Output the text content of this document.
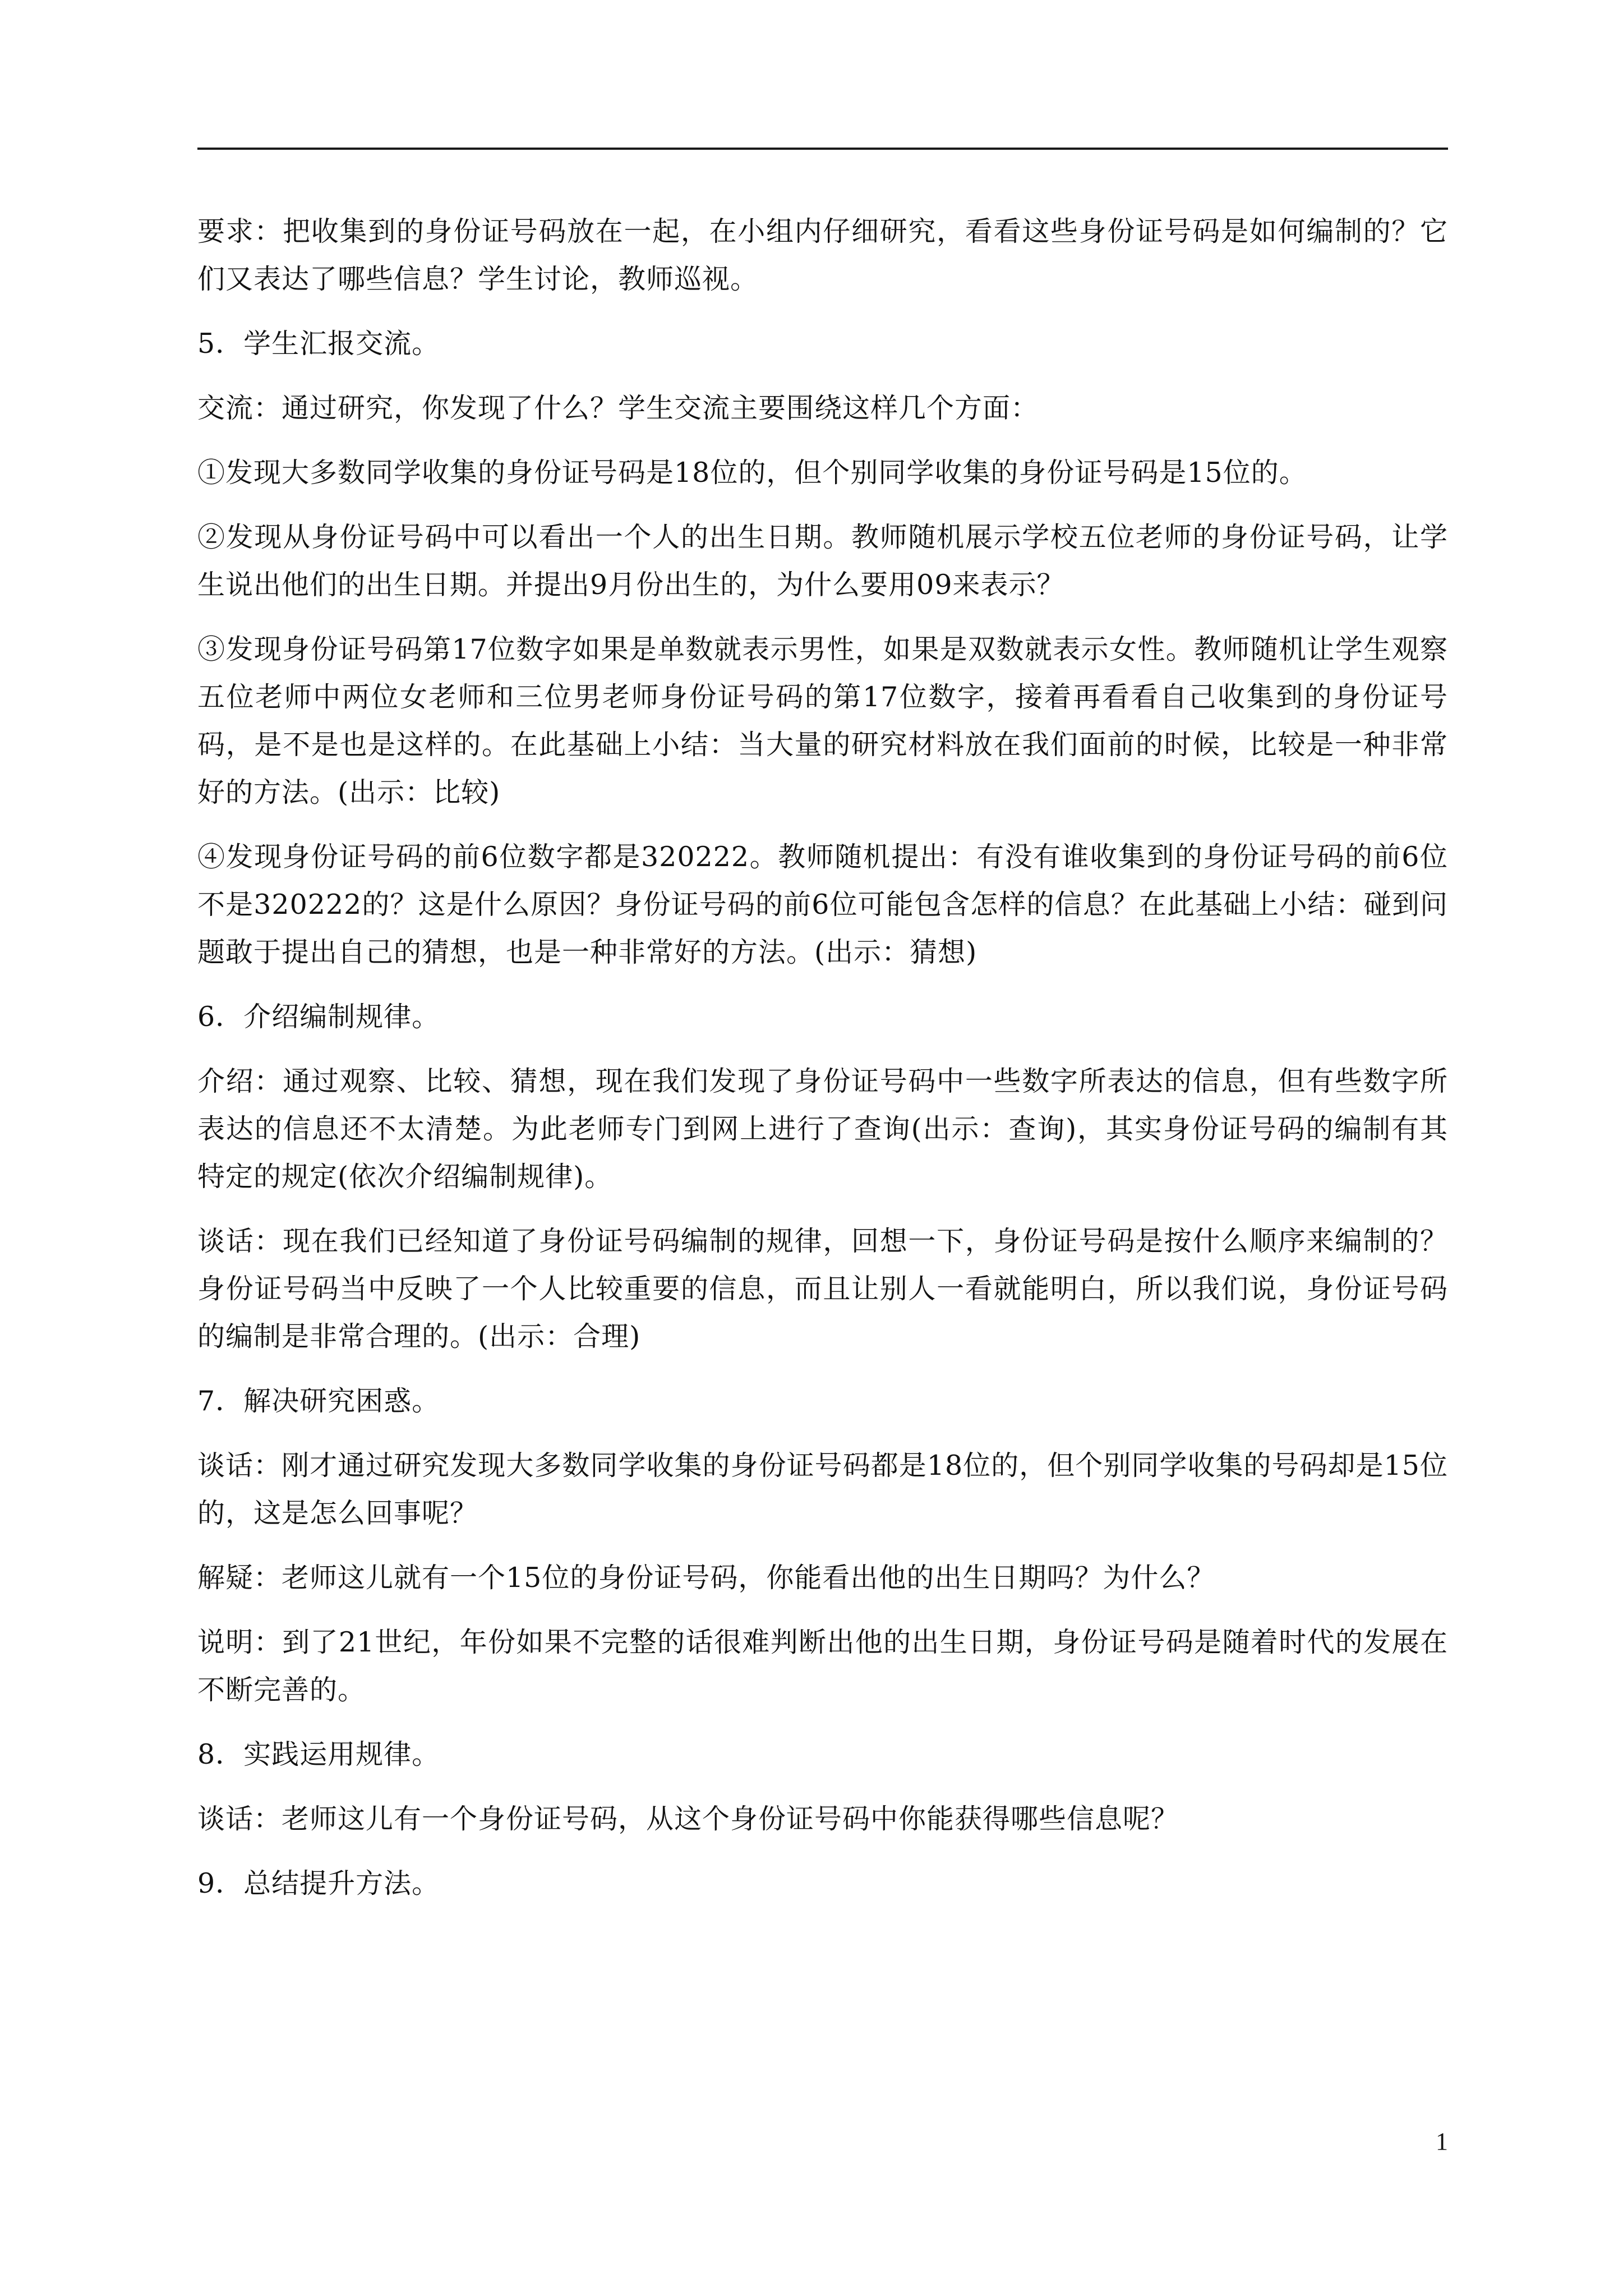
要求：把收集到的身份证号码放在一起，在小组内仔细研究，看看这些身份证号码是如何编制的？它们又表达了哪些信息？学生讨论，教师巡视。

5．学生汇报交流。

交流：通过研究，你发现了什么？学生交流主要围绕这样几个方面：

①发现大多数同学收集的身份证号码是18位的，但个别同学收集的身份证号码是15位的。

②发现从身份证号码中可以看出一个人的出生日期。教师随机展示学校五位老师的身份证号码，让学生说出他们的出生日期。并提出9月份出生的，为什么要用09来表示？

③发现身份证号码第17位数字如果是单数就表示男性，如果是双数就表示女性。教师随机让学生观察五位老师中两位女老师和三位男老师身份证号码的第17位数字，接着再看看自己收集到的身份证号码，是不是也是这样的。在此基础上小结：当大量的研究材料放在我们面前的时候，比较是一种非常好的方法。(出示：比较)

④发现身份证号码的前6位数字都是320222。教师随机提出：有没有谁收集到的身份证号码的前6位不是320222的？这是什么原因？身份证号码的前6位可能包含怎样的信息？在此基础上小结：碰到问题敢于提出自己的猜想，也是一种非常好的方法。(出示：猜想)

6．介绍编制规律。

介绍：通过观察、比较、猜想，现在我们发现了身份证号码中一些数字所表达的信息，但有些数字所表达的信息还不太清楚。为此老师专门到网上进行了查询(出示：查询)，其实身份证号码的编制有其特定的规定(依次介绍编制规律)。

谈话：现在我们已经知道了身份证号码编制的规律，回想一下，身份证号码是按什么顺序来编制的？身份证号码当中反映了一个人比较重要的信息，而且让别人一看就能明白，所以我们说，身份证号码的编制是非常合理的。(出示：合理)

7．解决研究困惑。

谈话：刚才通过研究发现大多数同学收集的身份证号码都是18位的，但个别同学收集的号码却是15位的，这是怎么回事呢？

解疑：老师这儿就有一个15位的身份证号码，你能看出他的出生日期吗？为什么？

说明：到了21世纪，年份如果不完整的话很难判断出他的出生日期，身份证号码是随着时代的发展在不断完善的。

8．实践运用规律。

谈话：老师这儿有一个身份证号码，从这个身份证号码中你能获得哪些信息呢？

9．总结提升方法。

1
